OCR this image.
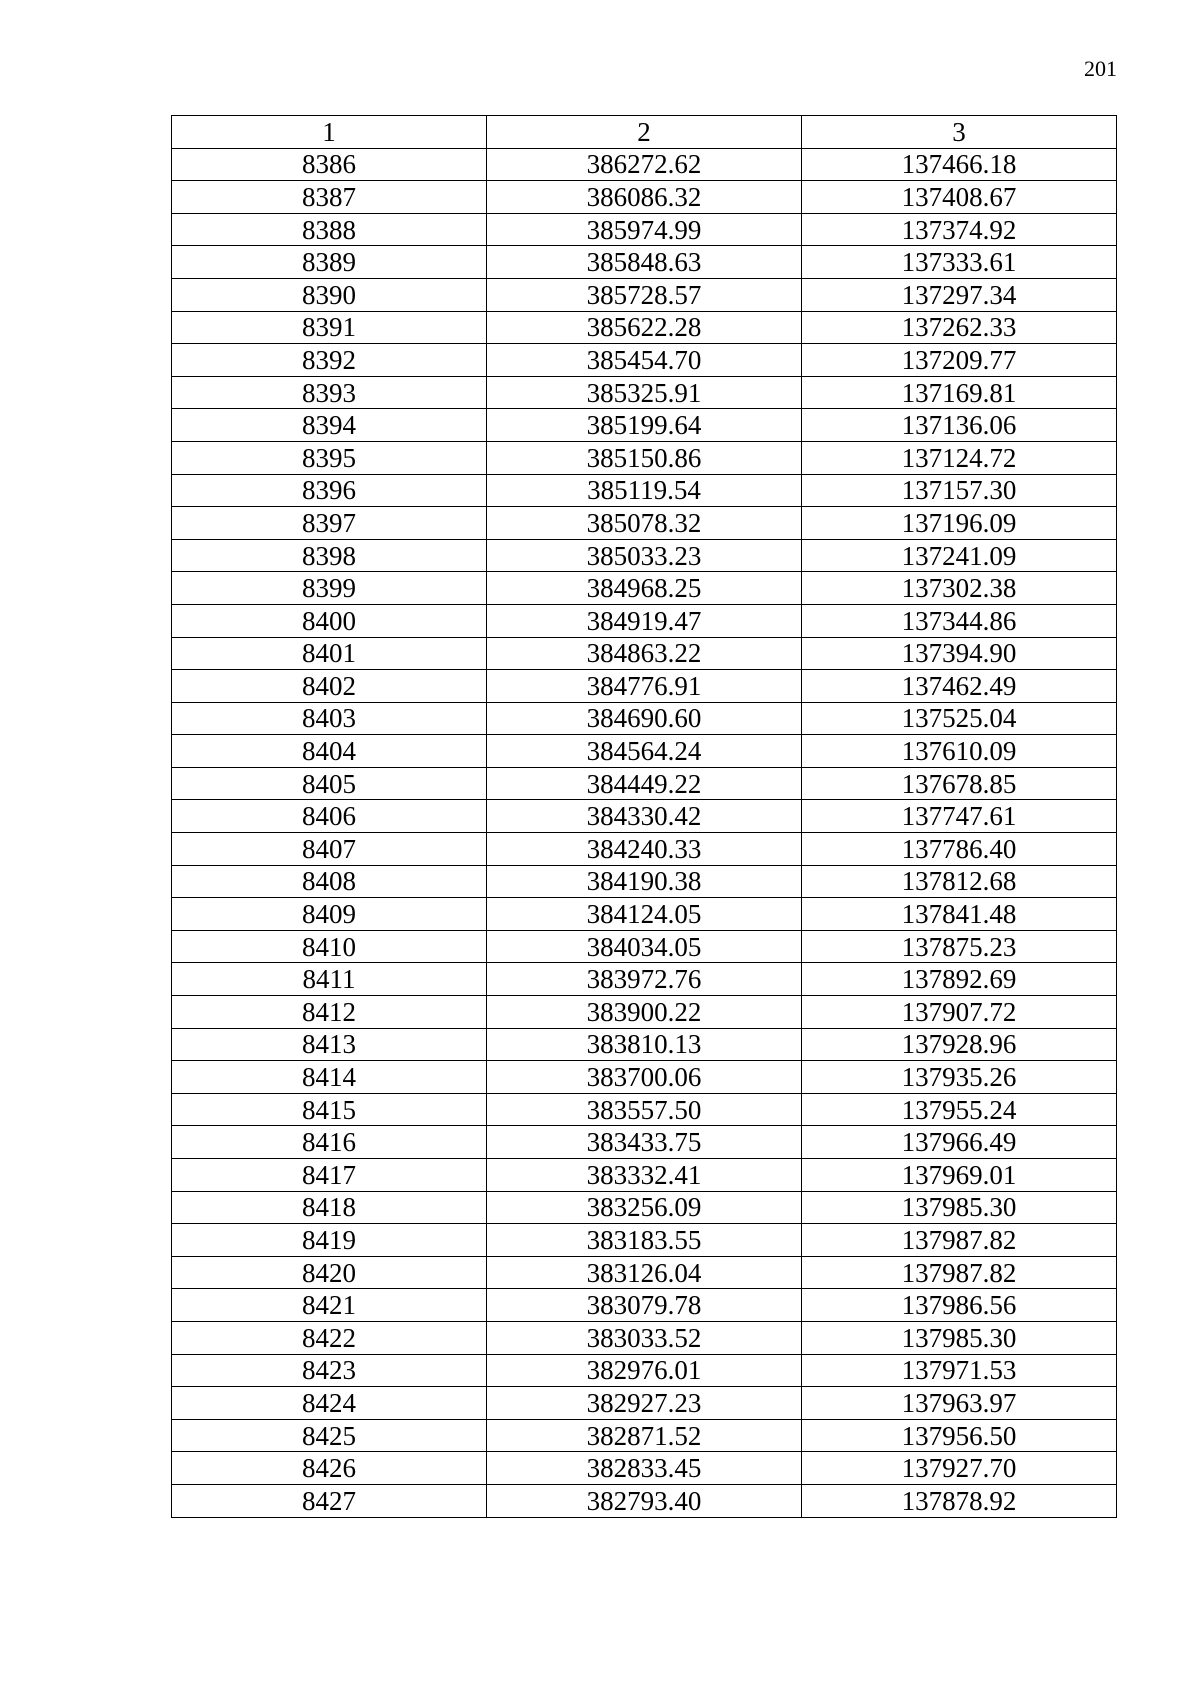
201
1	2	3
8386	386272.62	137466.18
8387	386086.32	137408.67
8388	385974.99	137374.92
8389	385848.63	137333.61
8390	385728.57	137297.34
8391	385622.28	137262.33
8392	385454.70	137209.77
8393	385325.91	137169.81
8394	385199.64	137136.06
8395	385150.86	137124.72
8396	385119.54	137157.30
8397	385078.32	137196.09
8398	385033.23	137241.09
8399	384968.25	137302.38
8400	384919.47	137344.86
8401	384863.22	137394.90
8402	384776.91	137462.49
8403	384690.60	137525.04
8404	384564.24	137610.09
8405	384449.22	137678.85
8406	384330.42	137747.61
8407	384240.33	137786.40
8408	384190.38	137812.68
8409	384124.05	137841.48
8410	384034.05	137875.23
8411	383972.76	137892.69
8412	383900.22	137907.72
8413	383810.13	137928.96
8414	383700.06	137935.26
8415	383557.50	137955.24
8416	383433.75	137966.49
8417	383332.41	137969.01
8418	383256.09	137985.30
8419	383183.55	137987.82
8420	383126.04	137987.82
8421	383079.78	137986.56
8422	383033.52	137985.30
8423	382976.01	137971.53
8424	382927.23	137963.97
8425	382871.52	137956.50
8426	382833.45	137927.70
8427	382793.40	137878.92
